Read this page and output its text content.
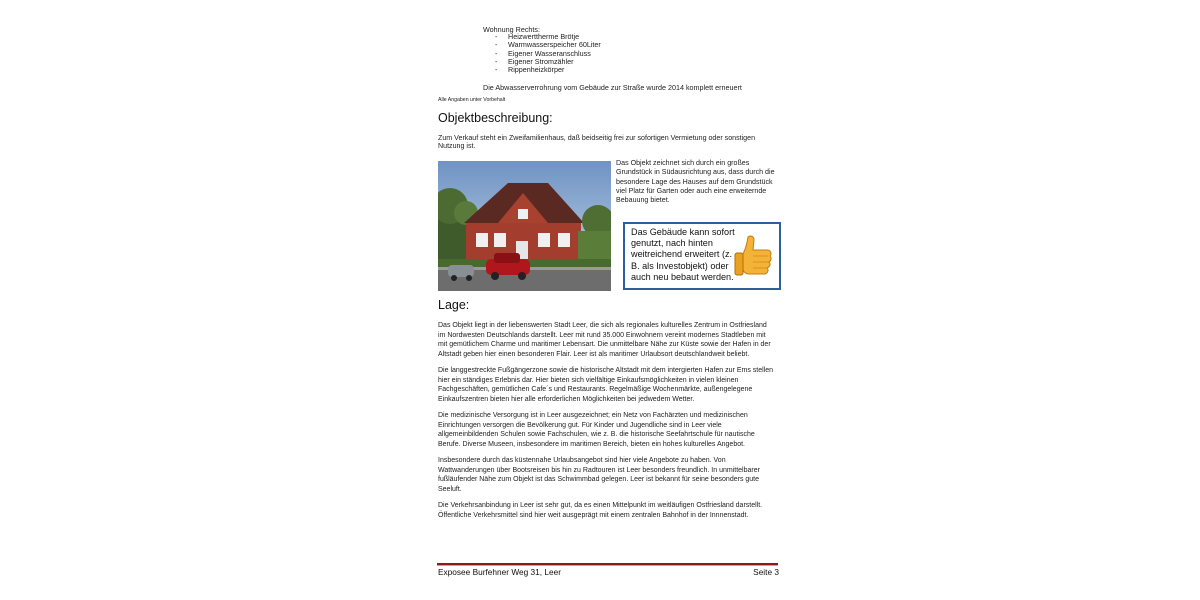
Wohnung Rechts:
- Heizwerttherme Brötje
- Warmwasserspeicher 60Liter
- Eigener Wasseranschluss
- Eigener Stromzähler
- Rippenheizkörper
Die Abwasserverrohrung vom Gebäude zur Straße wurde 2014 komplett erneuert
Alle Angaben unter Vorbehalt
Objektbeschreibung:
Zum Verkauf steht ein Zweifamilienhaus, daß beidseitig frei zur sofortigen Vermietung oder sonstigen Nutzung ist.
Das Objekt zeichnet sich durch ein großes Grundstück in Südausrichtung aus, dass durch die besondere Lage des Hauses auf dem Grundstück viel Platz für Garten oder auch eine erweiternde Bebauung bietet.
Das Gebäude kann sofort genutzt, nach hinten weitreichend erweitert (z. B. als Investobjekt) oder auch neu bebaut werden.
Lage:
Das Objekt liegt in der liebenswerten Stadt Leer, die sich als regionales kulturelles Zentrum in Ostfriesland im Nordwesten Deutschlands darstellt. Leer mit rund 35.000 Einwohnern vereint modernes Stadtleben mit mit gemütlichem Charme und maritimer Lebensart. Die unmittelbare Nähe zur Küste sowie der Hafen in der Altstadt geben hier einen besonderen Flair. Leer ist als maritimer Urlaubsort deutschlandweit beliebt.
Die langgestreckte Fußgängerzone sowie die historische Altstadt mit dem intergierten Hafen zur Ems stellen hier ein ständiges Erlebnis dar. Hier bieten sich vielfältige Einkaufsmöglichkeiten in vielen kleinen Fachgeschäften, gemütlichen Cafe´s und Restaurants. Regelmäßige Wochenmärkte, außengelegene Einkaufszentren bieten hier alle erforderlichen Möglichkeiten bei jedwedem Wetter.
Die medizinische Versorgung ist in Leer ausgezeichnet; ein Netz von Fachärzten und medizinischen Einrichtungen versorgen die Bevölkerung gut. Für Kinder und Jugendliche sind in Leer viele allgemeinbildenden Schulen sowie Fachschulen, wie z. B. die historische Seefahrtschule für nautische Berufe. Diverse Museen, insbesondere im maritimen Bereich, bieten ein hohes kulturelles Angebot.
Insbesondere durch das küstennahe Urlaubsangebot sind hier viele Angebote zu haben. Von Wattwanderungen über Bootsreisen bis hin zu Radtouren ist Leer besonders freundlich. In unmittelbarer fußläufender Nähe zum Objekt ist das Schwimmbad gelegen. Leer ist bekannt für seine besonders gute Seeluft.
Die Verkehrsanbindung in Leer ist sehr gut, da es einen Mittelpunkt im weitläufigen Ostfriesland darstellt. Öffentliche Verkehrsmittel sind hier weit ausgeprägt mit einem zentralen Bahnhof in der Innnenstadt.
Exposee Burfehner Weg 31, Leer	Seite 3
